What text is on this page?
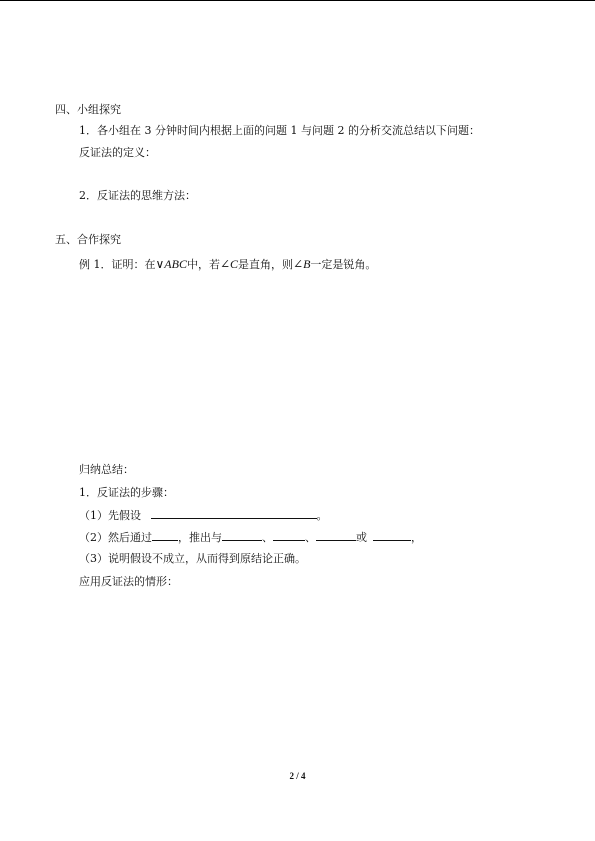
四、小组探究
1．各小组在 3 分钟时间内根据上面的问题 1 与问题 2 的分析交流总结以下问题：
反证法的定义：
2．反证法的思维方法：
五、合作探究
例 1．证明：在∨ABC中，若∠C是直角，则∠B一定是锐角。
归纳总结：
1．反证法的步骤：
（1）先假设	。
（2）然后通过 ，推出与	、	、	或	，
（3）说明假设不成立，从而得到原结论正确。
应用反证法的情形：
2 / 4
